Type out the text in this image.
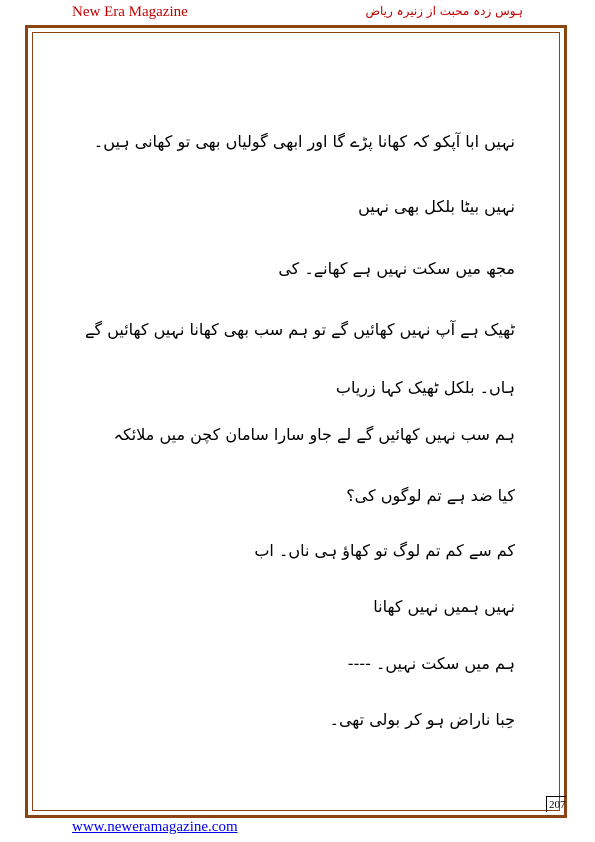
New Era Magazine	ہوس زدہ محبت از زنیرہ ریاض
نہیں ابا آپکو کہ کھانا پڑے گا اور ابھی گولیاں بھی تو کھانی ہیں۔
نہیں بیٹا بلکل بھی نہیں
مجھ میں سکت نہیں ہے کھانے۔ کی
ٹھیک ہے آپ نہیں کھائیں گے تو ہم سب بھی کھانا نہیں کھائیں گے
ہاں۔ بلکل ٹھیک کہا زریاب
ہم سب نہیں کھائیں گے لے جاو سارا سامان کچن میں ملائکہ
کیا ضد ہے تم لوگوں کی؟
کم سے کم تم لوگ تو کھاؤ ہی ناں۔ اب
نہیں ہمیں نہیں کھانا
ہم میں سکت نہیں۔ ----
حِبا ناراض ہو کر بولی تھی۔
207
www.neweramagazine.com
